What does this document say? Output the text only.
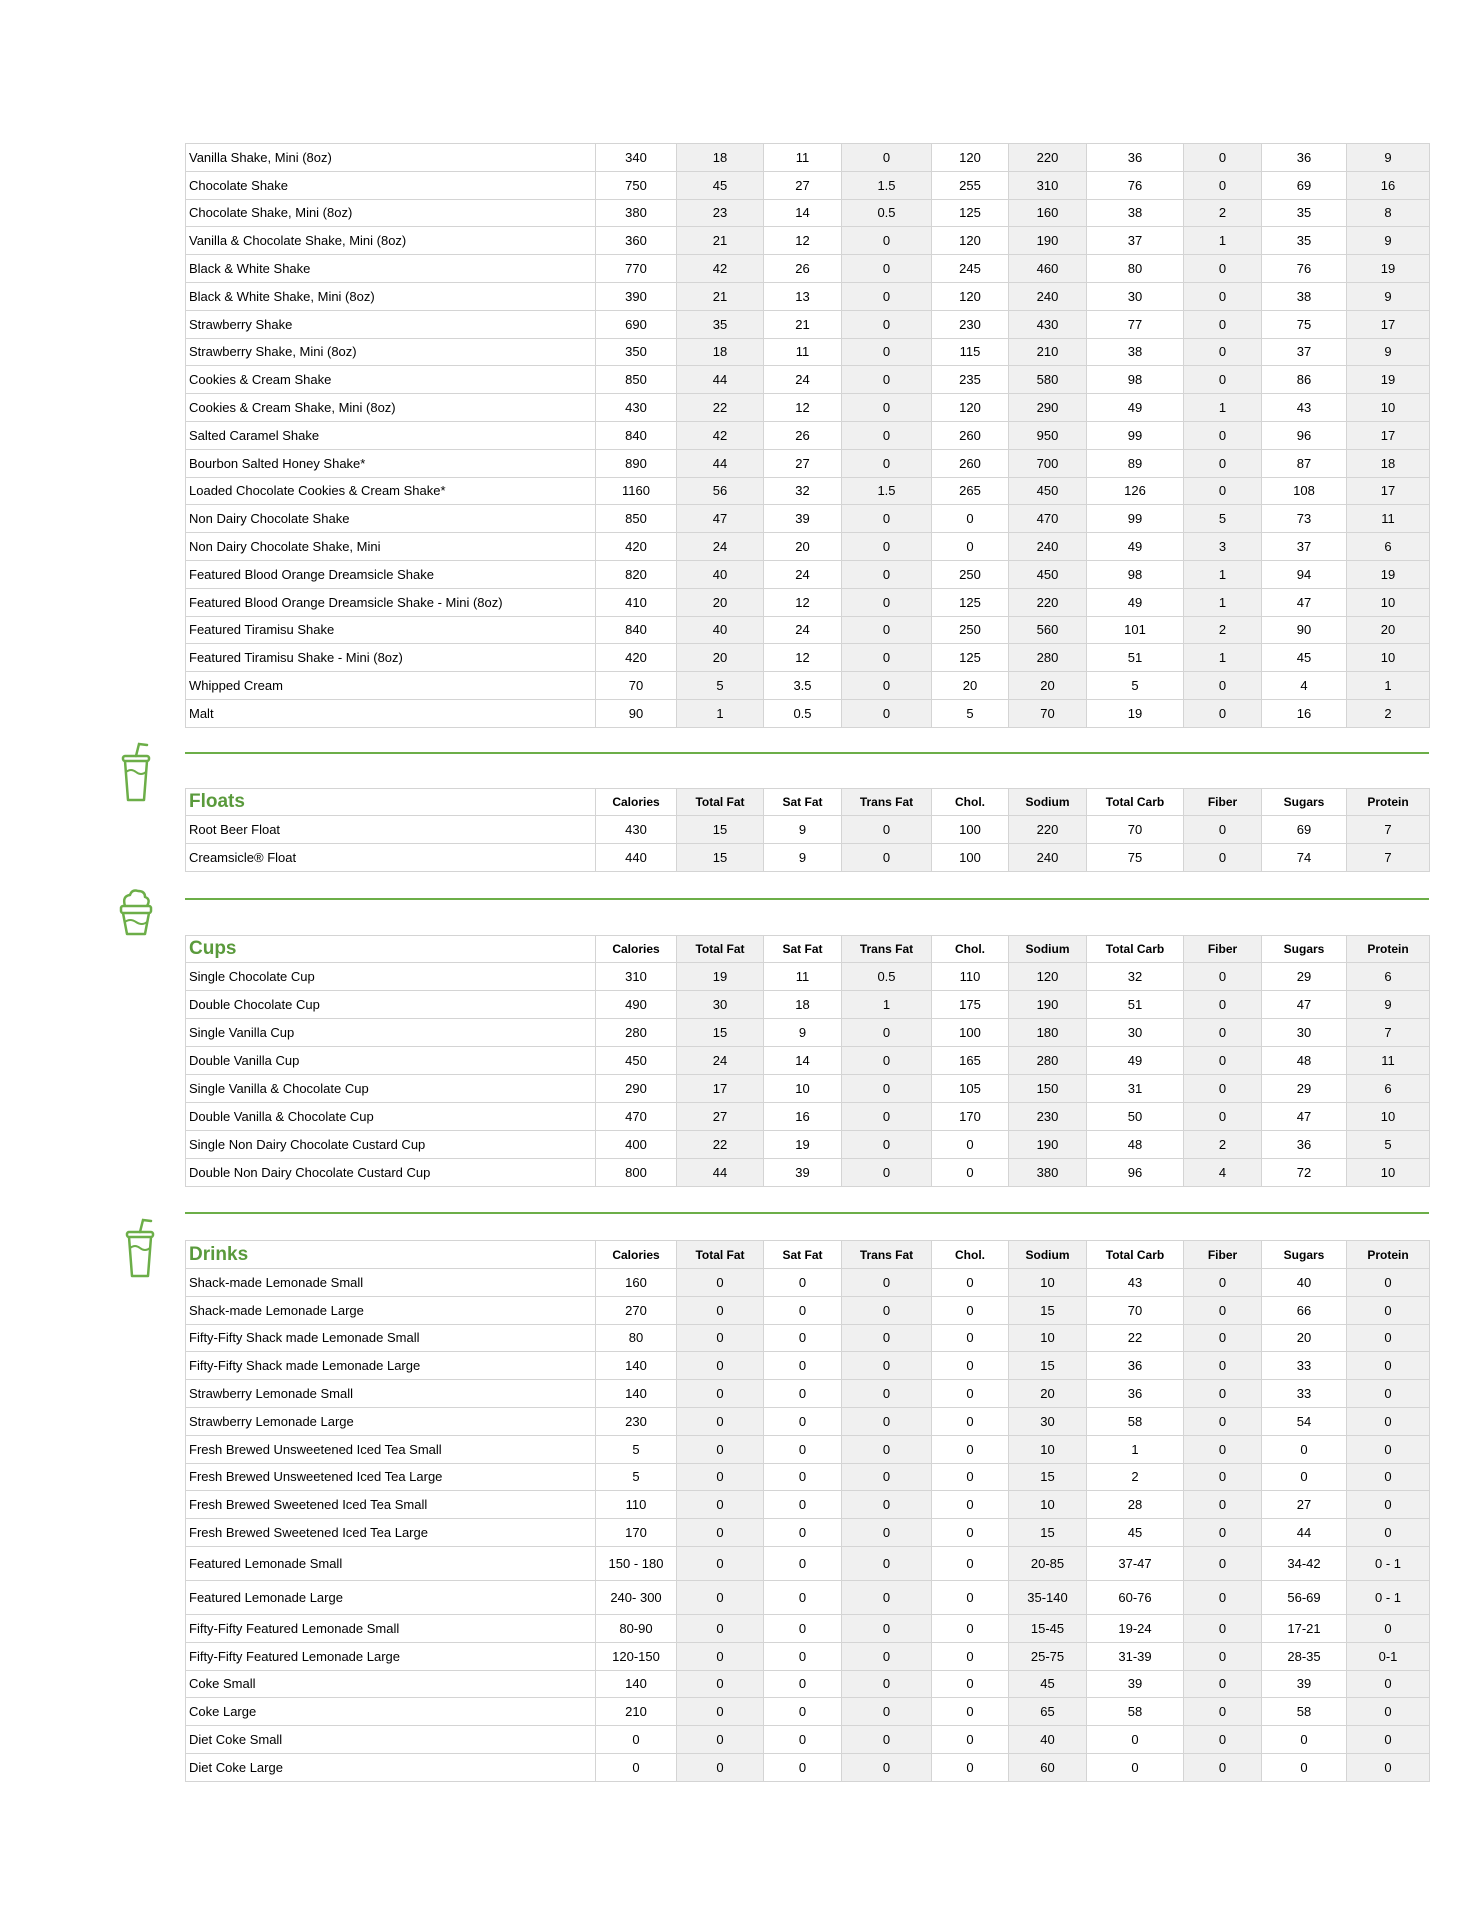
Vanilla Shake, Mini (8oz)	340	18	11	0	120	220	36	0	36	9
Chocolate Shake	750	45	27	1.5	255	310	76	0	69	16
Chocolate Shake, Mini (8oz)	380	23	14	0.5	125	160	38	2	35	8
Vanilla & Chocolate Shake, Mini (8oz)	360	21	12	0	120	190	37	1	35	9
Black & White Shake	770	42	26	0	245	460	80	0	76	19
Black & White Shake, Mini (8oz)	390	21	13	0	120	240	30	0	38	9
Strawberry Shake	690	35	21	0	230	430	77	0	75	17
Strawberry Shake, Mini (8oz)	350	18	11	0	115	210	38	0	37	9
Cookies & Cream Shake	850	44	24	0	235	580	98	0	86	19
Cookies & Cream Shake, Mini (8oz)	430	22	12	0	120	290	49	1	43	10
Salted Caramel Shake	840	42	26	0	260	950	99	0	96	17
Bourbon Salted Honey Shake*	890	44	27	0	260	700	89	0	87	18
Loaded Chocolate Cookies & Cream Shake*	1160	56	32	1.5	265	450	126	0	108	17
Non Dairy Chocolate Shake	850	47	39	0	0	470	99	5	73	11
Non Dairy Chocolate Shake, Mini	420	24	20	0	0	240	49	3	37	6
Featured Blood Orange Dreamsicle Shake	820	40	24	0	250	450	98	1	94	19
Featured Blood Orange Dreamsicle Shake - Mini (8oz)	410	20	12	0	125	220	49	1	47	10
Featured Tiramisu Shake	840	40	24	0	250	560	101	2	90	20
Featured Tiramisu Shake - Mini (8oz)	420	20	12	0	125	280	51	1	45	10
Whipped Cream	70	5	3.5	0	20	20	5	0	4	1
Malt	90	1	0.5	0	5	70	19	0	16	2
Floats	Calories	Total Fat	Sat Fat	Trans Fat	Chol.	Sodium	Total Carb	Fiber	Sugars	Protein
Root Beer Float	430	15	9	0	100	220	70	0	69	7
Creamsicle® Float	440	15	9	0	100	240	75	0	74	7
Cups	Calories	Total Fat	Sat Fat	Trans Fat	Chol.	Sodium	Total Carb	Fiber	Sugars	Protein
Single Chocolate Cup	310	19	11	0.5	110	120	32	0	29	6
Double Chocolate Cup	490	30	18	1	175	190	51	0	47	9
Single Vanilla Cup	280	15	9	0	100	180	30	0	30	7
Double Vanilla Cup	450	24	14	0	165	280	49	0	48	11
Single Vanilla & Chocolate Cup	290	17	10	0	105	150	31	0	29	6
Double Vanilla & Chocolate Cup	470	27	16	0	170	230	50	0	47	10
Single Non Dairy Chocolate Custard Cup	400	22	19	0	0	190	48	2	36	5
Double Non Dairy Chocolate Custard Cup	800	44	39	0	0	380	96	4	72	10
Drinks	Calories	Total Fat	Sat Fat	Trans Fat	Chol.	Sodium	Total Carb	Fiber	Sugars	Protein
Shack-made Lemonade Small	160	0	0	0	0	10	43	0	40	0
Shack-made Lemonade Large	270	0	0	0	0	15	70	0	66	0
Fifty-Fifty Shack made Lemonade Small	80	0	0	0	0	10	22	0	20	0
Fifty-Fifty Shack made Lemonade Large	140	0	0	0	0	15	36	0	33	0
Strawberry Lemonade Small	140	0	0	0	0	20	36	0	33	0
Strawberry Lemonade Large	230	0	0	0	0	30	58	0	54	0
Fresh Brewed Unsweetened Iced Tea Small	5	0	0	0	0	10	1	0	0	0
Fresh Brewed Unsweetened Iced Tea Large	5	0	0	0	0	15	2	0	0	0
Fresh Brewed Sweetened Iced Tea Small	110	0	0	0	0	10	28	0	27	0
Fresh Brewed Sweetened Iced Tea Large	170	0	0	0	0	15	45	0	44	0
Featured Lemonade Small	150 - 180	0	0	0	0	20-85	37-47	0	34-42	0 - 1
Featured Lemonade Large	240- 300	0	0	0	0	35-140	60-76	0	56-69	0 - 1
Fifty-Fifty Featured Lemonade Small	80-90	0	0	0	0	15-45	19-24	0	17-21	0
Fifty-Fifty Featured Lemonade Large	120-150	0	0	0	0	25-75	31-39	0	28-35	0-1
Coke Small	140	0	0	0	0	45	39	0	39	0
Coke Large	210	0	0	0	0	65	58	0	58	0
Diet Coke Small	0	0	0	0	0	40	0	0	0	0
Diet Coke Large	0	0	0	0	0	60	0	0	0	0
